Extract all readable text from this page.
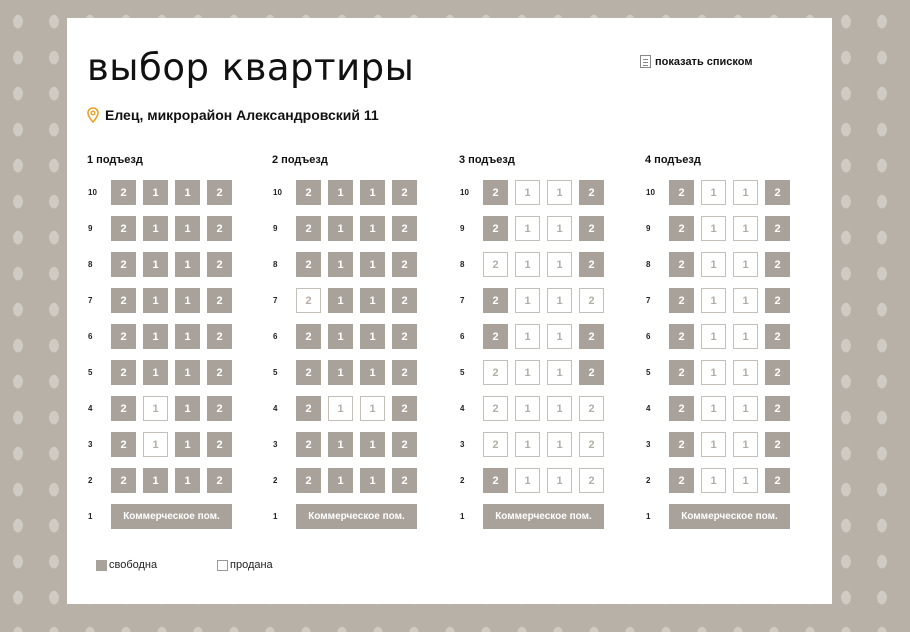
выбор квартиры	показать списком
Елец, микрорайон Александровский 11
1 подъезд
10	2	1	1	2
9	2	1	1	2
8	2	1	1	2
7	2	1	1	2
6	2	1	1	2
5	2	1	1	2
4	2	1	1	2
3	2	1	1	2
2	2	1	1	2
1	Коммерческое пом.
2 подъезд
10	2	1	1	2
9	2	1	1	2
8	2	1	1	2
7	2	1	1	2
6	2	1	1	2
5	2	1	1	2
4	2	1	1	2
3	2	1	1	2
2	2	1	1	2
1	Коммерческое пом.
3 подъезд
10	2	1	1	2
9	2	1	1	2
8	2	1	1	2
7	2	1	1	2
6	2	1	1	2
5	2	1	1	2
4	2	1	1	2
3	2	1	1	2
2	2	1	1	2
1	Коммерческое пом.
4 подъезд
10	2	1	1	2
9	2	1	1	2
8	2	1	1	2
7	2	1	1	2
6	2	1	1	2
5	2	1	1	2
4	2	1	1	2
3	2	1	1	2
2	2	1	1	2
1	Коммерческое пом.
свободна	продана
